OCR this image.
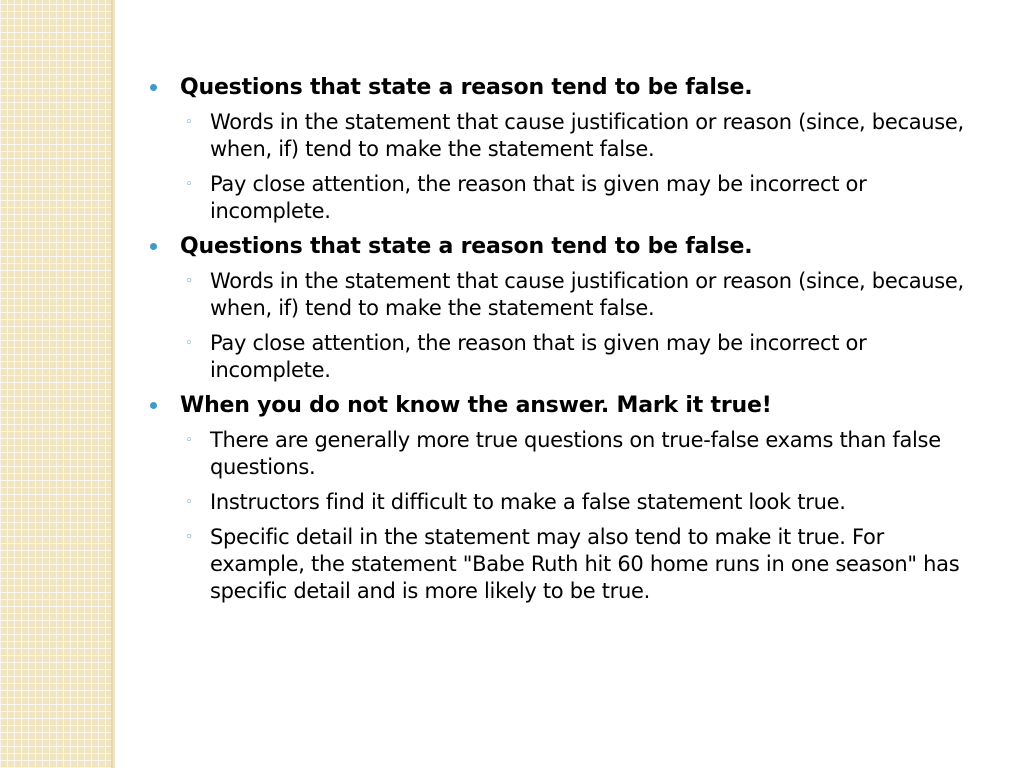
Questions that state a reason tend to be false.
◦ Words in the statement that cause justification or reason (since, because, when, if) tend to make the statement false.
◦ Pay close attention, the reason that is given may be incorrect or incomplete.
Questions that state a reason tend to be false.
◦ Words in the statement that cause justification or reason (since, because, when, if) tend to make the statement false.
◦ Pay close attention, the reason that is given may be incorrect or incomplete.
When you do not know the answer. Mark it true!
◦ There are generally more true questions on true-false exams than false questions.
◦ Instructors find it difficult to make a false statement look true.
◦ Specific detail in the statement may also tend to make it true. For example, the statement "Babe Ruth hit 60 home runs in one season" has specific detail and is more likely to be true.
